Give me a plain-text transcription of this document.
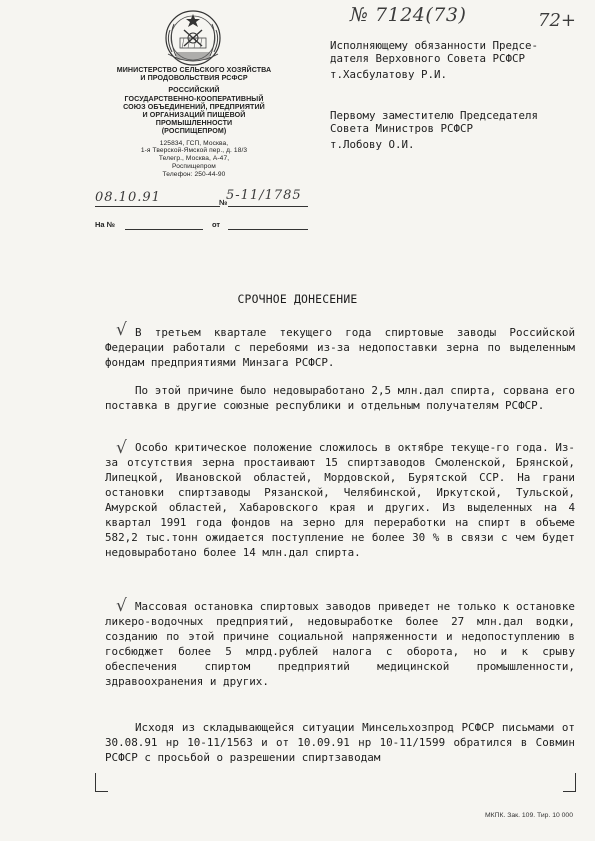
МИНИСТЕРСТВО СЕЛЬСКОГО ХОЗЯЙСТВА
И ПРОДОВОЛЬСТВИЯ РСФСР
РОССИЙСКИЙ
ГОСУДАРСТВЕННО-КООПЕРАТИВНЫЙ
СОЮЗ ОБЪЕДИНЕНИЙ, ПРЕДПРИЯТИЙ
И ОРГАНИЗАЦИЙ ПИЩЕВОЙ
ПРОМЫШЛЕННОСТИ
(РОСПИЩЕПРОМ)
125834, ГСП, Москва,
1-я Тверской-Ямской пер., д. 18/3
Телегр., Москва, А-47,
Роспищепром
Телефон: 250-44-90
№ 7124(73)	72+
08.10.91	№
5-11/1785
На №	от
Исполняющему обязанности Предсе-
дателя Верховного Совета РСФСР
т.Хасбулатову Р.И.
Первому заместителю Председателя
Совета Министров РСФСР
т.Лобову О.И.
СРОЧНОЕ ДОНЕСЕНИЕ
√ В третьем квартале текущего года спиртовые заводы Российской Федерации работали с перебоями из-за недопоставки зерна по выделенным фондам предприятиями Минзага РСФСР.

По этой причине было недовыработано 2,5 млн.дал спирта, сорвана его поставка в другие союзные республики и отдельным получателям РСФСР.

√ Особо критическое положение сложилось в октябре текуще-го года. Из-за отсутствия зерна простаивают 15 спиртзаводов Смоленской, Брянской, Липецкой, Ивановской областей, Мордовской, Бурятской ССР. На грани остановки спиртзаводы Рязанской, Челябинской, Иркутской, Тульской, Амурской областей, Хабаровского края и других. Из выделенных на 4 квартал 1991 года фондов на зерно для переработки на спирт в объеме 582,2 тыс.тонн ожидается поступление не более 30 % в связи с чем будет недовыработано более 14 млн.дал спирта.

√ Массовая остановка спиртовых заводов приведет не только к остановке ликеро-водочных предприятий, недовыработке более 27 млн.дал водки, созданию по этой причине социальной напряженности и недопоступлению в госбюджет более 5 млрд.рублей налога с оборота, но и к срыву обеспечения спиртом предприятий медицинской промышленности, здравоохранения и других.

Исходя из складывающейся ситуации Минсельхозпрод РСФСР письмами от 30.08.91 нр 10-11/1563 и от 10.09.91 нр 10-11/1599 обратился в Совмин РСФСР с просьбой о разрешении спиртзаводам

МКПК. Зак. 109. Тир. 10 000
